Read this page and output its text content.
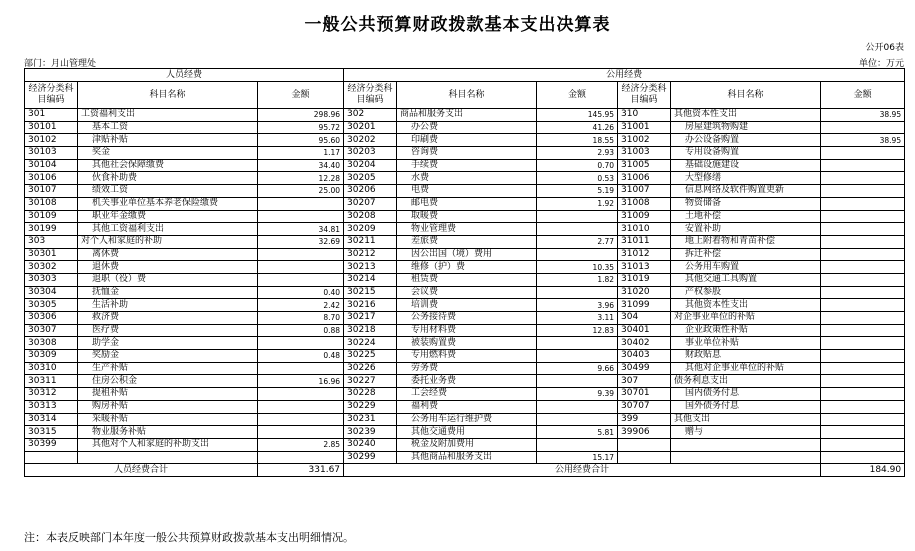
一般公共预算财政拨款基本支出决算表
公开06表
部门：月山管理处	单位：万元
人员经费			公用经费					
经济分类科目编码	科目名称	金额	经济分类科目编码	科目名称	金额	经济分类科目编码	科目名称	金额
301	工资福利支出	298.96	302	商品和服务支出	145.95	310	其他资本性支出	38.95
30101	基本工资	95.72	30201	办公费	41.26	31001	房屋建筑物购建	
30102	津贴补贴	95.60	30202	印刷费	18.55	31002	办公设备购置	38.95
30103	奖金	1.17	30203	咨询费	2.93	31003	专用设备购置	
30104	其他社会保障缴费	34.40	30204	手续费	0.70	31005	基础设施建设	
30106	伙食补助费	12.28	30205	水费	0.53	31006	大型修缮	
30107	绩效工资	25.00	30206	电费	5.19	31007	信息网络及软件购置更新	
30108	机关事业单位基本养老保险缴费		30207	邮电费	1.92	31008	物资储备	
30109	职业年金缴费		30208	取暖费		31009	土地补偿	
30199	其他工资福利支出	34.81	30209	物业管理费		31010	安置补助	
303	对个人和家庭的补助	32.69	30211	差旅费	2.77	31011	地上附着物和青苗补偿	
30301	离休费		30212	因公出国（境）费用		31012	拆迁补偿	
30302	退休费		30213	维修（护）费	10.35	31013	公务用车购置	
30303	退职（役）费		30214	租赁费	1.82	31019	其他交通工具购置	
30304	抚恤金	0.40	30215	会议费		31020	产权参股	
30305	生活补助	2.42	30216	培训费	3.96	31099	其他资本性支出	
30306	救济费	8.70	30217	公务接待费	3.11	304	对企事业单位的补贴	
30307	医疗费	0.88	30218	专用材料费	12.83	30401	企业政策性补贴	
30308	助学金		30224	被装购置费		30402	事业单位补贴	
30309	奖励金	0.48	30225	专用燃料费		30403	财政贴息	
30310	生产补贴		30226	劳务费	9.66	30499	其他对企事业单位的补贴	
30311	住房公积金	16.96	30227	委托业务费		307	债务利息支出	
30312	提租补贴		30228	工会经费	9.39	30701	国内债务付息	
30313	购房补贴		30229	福利费		30707	国外债务付息	
30314	采暖补贴		30231	公务用车运行维护费		399	其他支出	
30315	物业服务补贴		30239	其他交通费用	5.81	39906	赠与	
30399	其他对个人和家庭的补助支出	2.85	30240	税金及附加费用				
			30299	其他商品和服务支出	15.17			
人员经费合计		331.67	公用经费合计					184.90
注：本表反映部门本年度一般公共预算财政拨款基本支出明细情况。
